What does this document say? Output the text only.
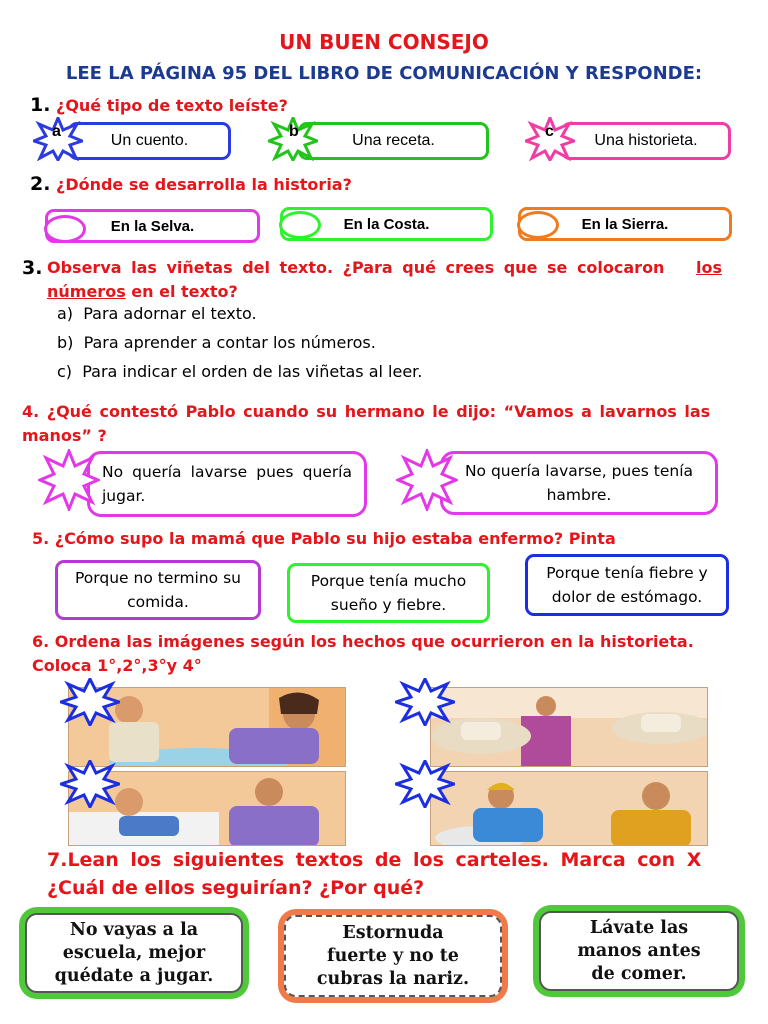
UN BUEN CONSEJO
LEE LA PÁGINA 95 DEL LIBRO DE COMUNICACIÓN Y RESPONDE:
1. ¿Qué tipo de texto leíste?
Un cuento.	Una receta.	Una historieta.
a	b	c
2. ¿Dónde se desarrolla la historia?
En la Selva.	En la Costa.	En la Sierra.
3. Observa las viñetas del texto. ¿Para qué crees que se colocaron los
números en el texto?
a)  Para adornar el texto.
b)  Para aprender a contar los números.
c)  Para indicar el orden de las viñetas al leer.
4. ¿Qué contestó Pablo cuando su hermano le dijo: “Vamos a lavarnos las
manos” ?
No quería lavarse pues quería jugar.
No quería lavarse, pues tenía hambre.
5. ¿Cómo supo la mamá que Pablo su hijo estaba enfermo? Pinta
Porque no termino su comida.
Porque tenía mucho sueño y fiebre.
Porque tenía fiebre y dolor de estómago.
6. Ordena las imágenes según los hechos que ocurrieron en la historieta.
Coloca 1°,2°,3°y 4°
7.Lean los siguientes textos de los carteles. Marca con X
¿Cuál de ellos seguirían? ¿Por qué?
No vayas a la
escuela, mejor
quédate a jugar.
Estornuda
fuerte y no te
cubras la nariz.
Lávate las
manos antes
de comer.
